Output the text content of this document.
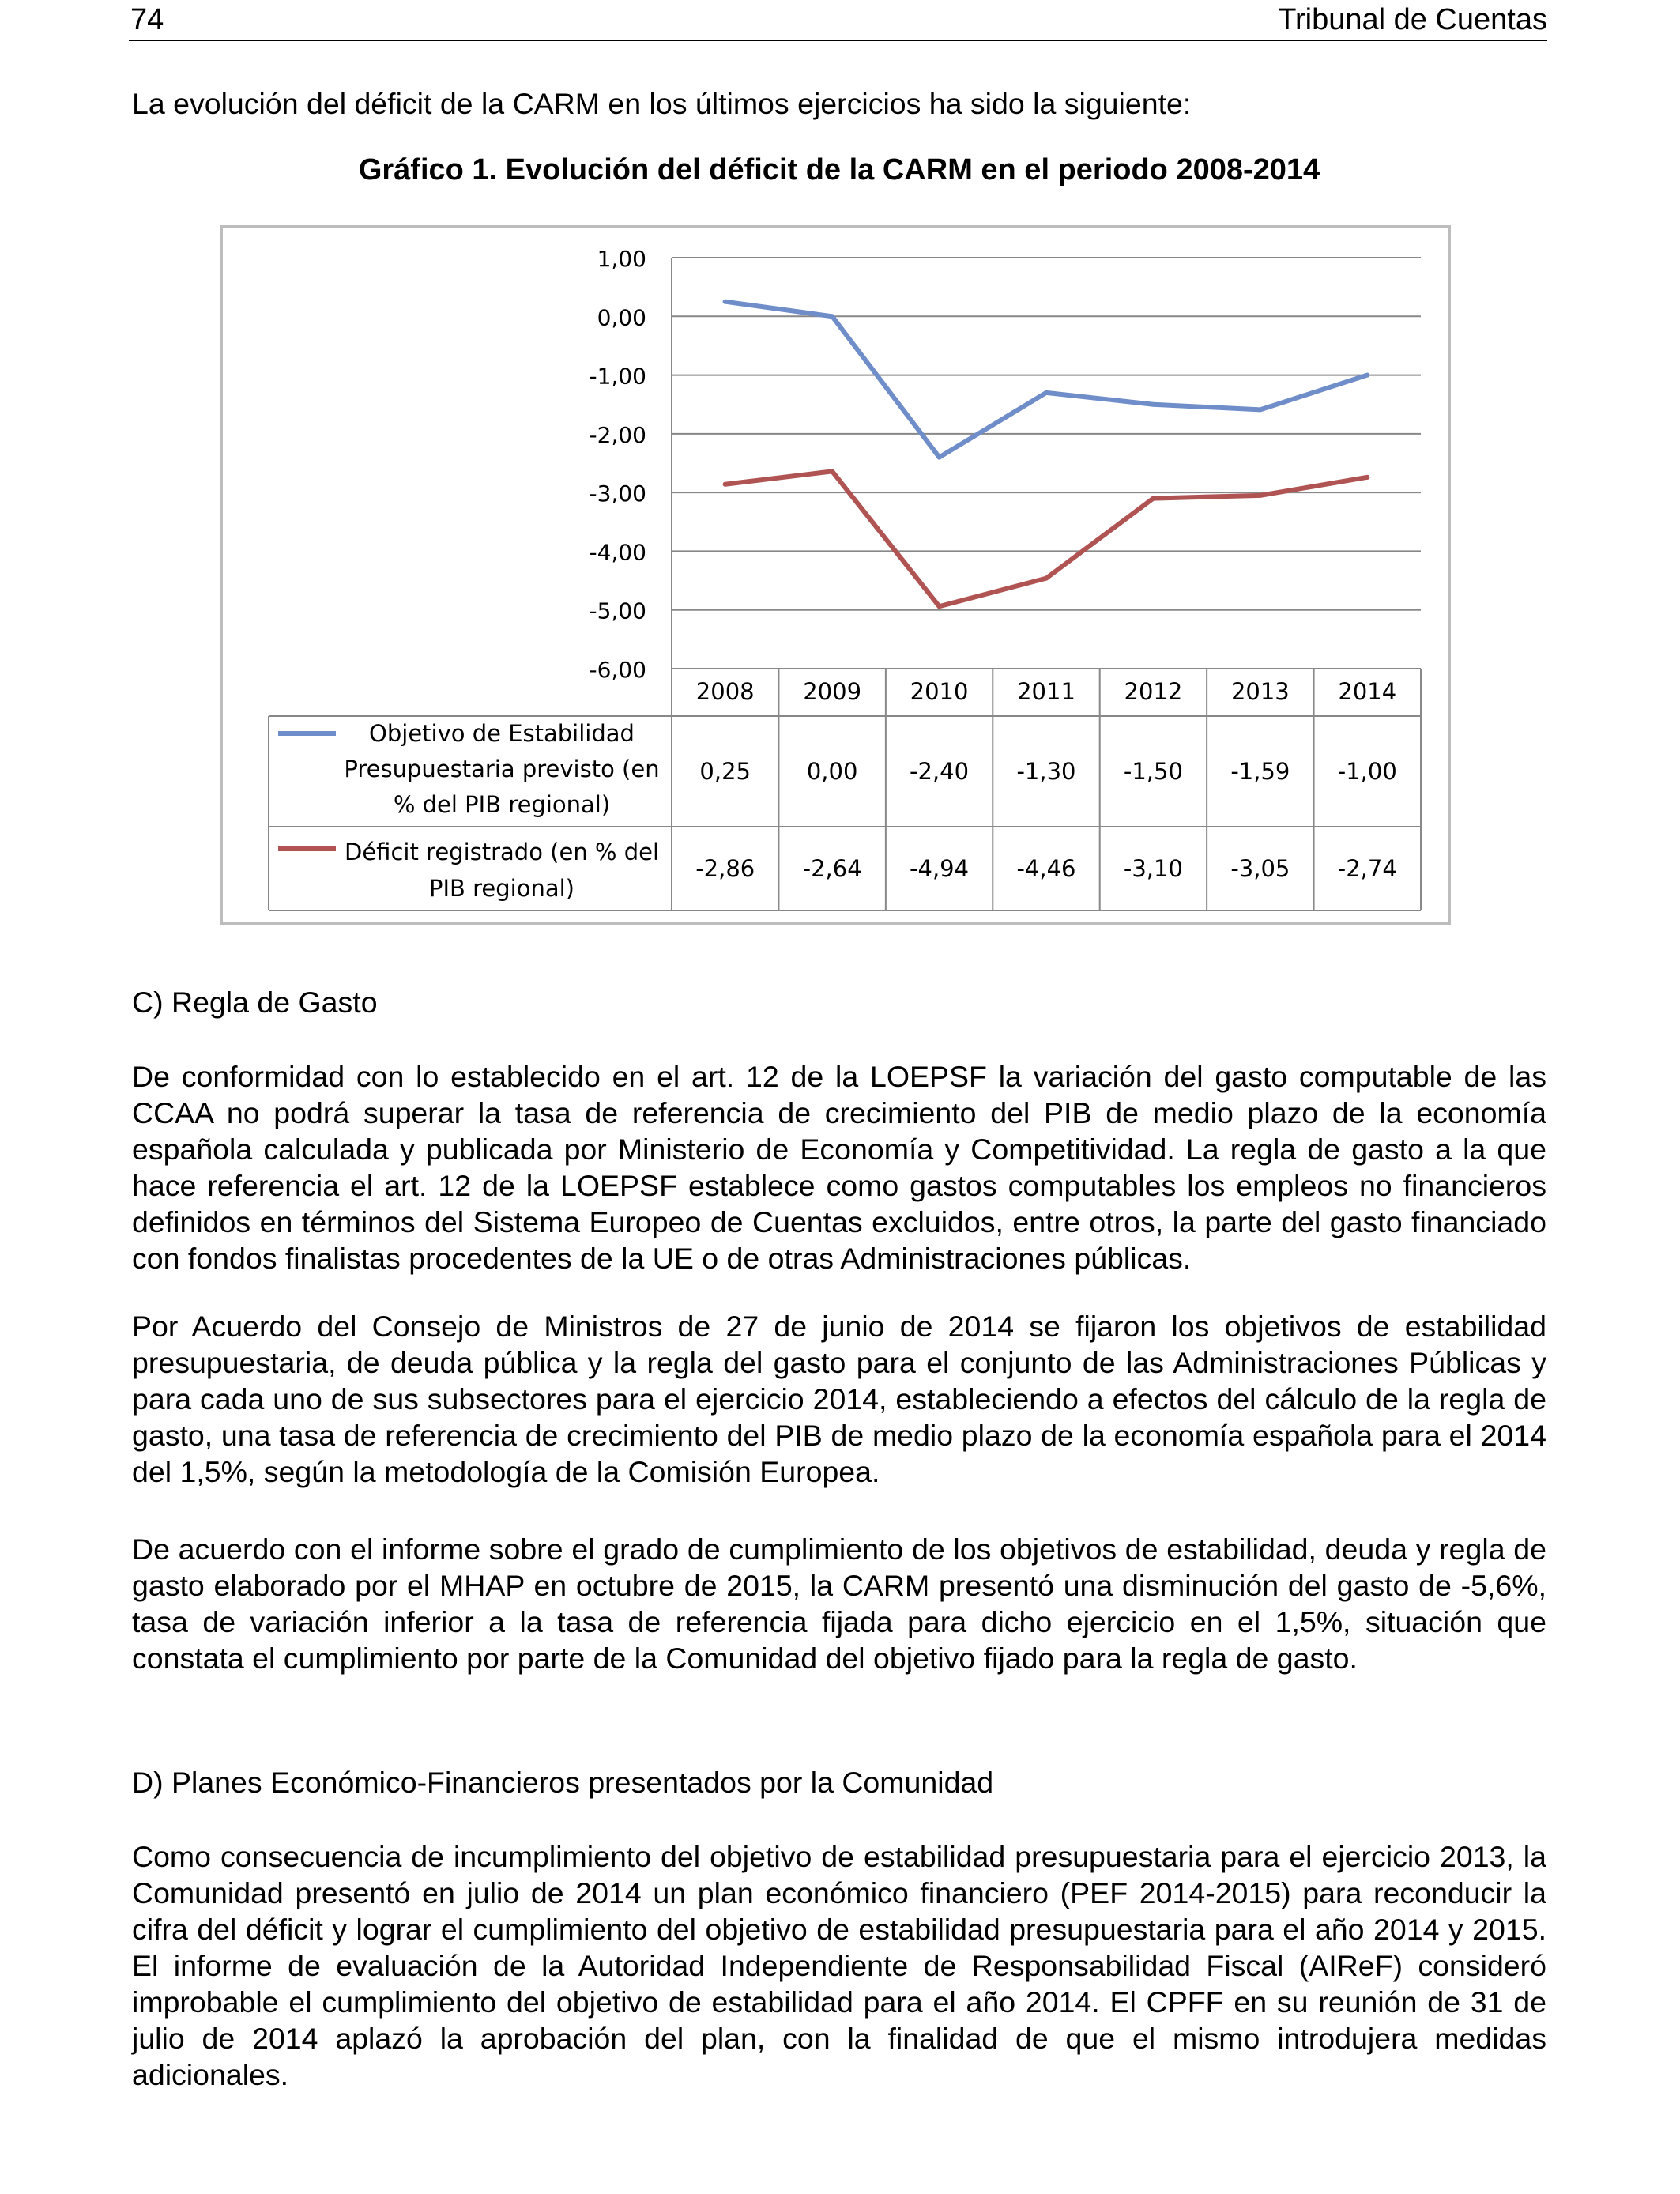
74	Tribunal de Cuentas

La evolución del déficit de la CARM en los últimos ejercicios ha sido la siguiente:

Gráfico 1. Evolución del déficit de la CARM en el periodo 2008-2014
1,00
0,00
-1,00
-2,00
-3,00
-4,00
-5,00
-6,00
2008 2009 2010 2011 2012 2013 2014
Objetivo de Estabilidad
Presupuestaria previsto (en
% del PIB regional)
0,25 0,00 -2,40 -1,30 -1,50 -1,59 -1,00
Déficit registrado (en % del
PIB regional)
-2,86 -2,64 -4,94 -4,46 -3,10 -3,05 -2,74
C) Regla de Gasto

De conformidad con lo establecido en el art. 12 de la LOEPSF la variación del gasto computable de las CCAA no podrá superar la tasa de referencia de crecimiento del PIB de medio plazo de la economía española calculada y publicada por Ministerio de Economía y Competitividad. La regla de gasto a la que hace referencia el art. 12 de la LOEPSF establece como gastos computables los empleos no financieros definidos en términos del Sistema Europeo de Cuentas excluidos, entre otros, la parte del gasto financiado con fondos finalistas procedentes de la UE o de otras Administraciones públicas.

Por Acuerdo del Consejo de Ministros de 27 de junio de 2014 se fijaron los objetivos de estabilidad presupuestaria, de deuda pública y la regla del gasto para el conjunto de las Administraciones Públicas y para cada uno de sus subsectores para el ejercicio 2014, estableciendo a efectos del cálculo de la regla de gasto, una tasa de referencia de crecimiento del PIB de medio plazo de la economía española para el 2014 del 1,5%, según la metodología de la Comisión Europea.

De acuerdo con el informe sobre el grado de cumplimiento de los objetivos de estabilidad, deuda y regla de gasto elaborado por el MHAP en octubre de 2015, la CARM presentó una disminución del gasto de -5,6%, tasa de variación inferior a la tasa de referencia fijada para dicho ejercicio en el 1,5%, situación que constata el cumplimiento por parte de la Comunidad del objetivo fijado para la regla de gasto.

D) Planes Económico-Financieros presentados por la Comunidad

Como consecuencia de incumplimiento del objetivo de estabilidad presupuestaria para el ejercicio 2013, la Comunidad presentó en julio de 2014 un plan económico financiero (PEF 2014-2015) para reconducir la cifra del déficit y lograr el cumplimiento del objetivo de estabilidad presupuestaria para el año 2014 y 2015. El informe de evaluación de la Autoridad Independiente de Responsabilidad Fiscal (AIReF) consideró improbable el cumplimiento del objetivo de estabilidad para el año 2014. El CPFF en su reunión de 31 de julio de 2014 aplazó la aprobación del plan, con la finalidad de que el mismo introdujera medidas adicionales.
